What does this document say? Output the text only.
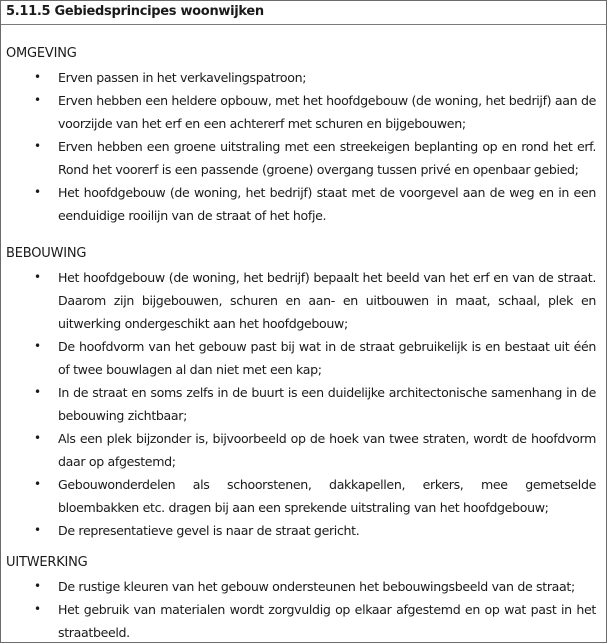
5.11.5 Gebiedsprincipes woonwijken
OMGEVING
• Erven passen in het verkavelingspatroon;
• Erven hebben een heldere opbouw, met het hoofdgebouw (de woning, het bedrijf) aan de voorzijde van het erf en een achtererf met schuren en bijgebouwen;
• Erven hebben een groene uitstraling met een streekeigen beplanting op en rond het erf. Rond het voorerf is een passende (groene) overgang tussen privé en openbaar gebied;
• Het hoofdgebouw (de woning, het bedrijf) staat met de voorgevel aan de weg en in een eenduidige rooilijn van de straat of het hofje.
BEBOUWING
• Het hoofdgebouw (de woning, het bedrijf) bepaalt het beeld van het erf en van de straat. Daarom zijn bijgebouwen, schuren en aan- en uitbouwen in maat, schaal, plek en uitwerking ondergeschikt aan het hoofdgebouw;
• De hoofdvorm van het gebouw past bij wat in de straat gebruikelijk is en bestaat uit één of twee bouwlagen al dan niet met een kap;
• In de straat en soms zelfs in de buurt is een duidelijke architectonische samenhang in de bebouwing zichtbaar;
• Als een plek bijzonder is, bijvoorbeeld op de hoek van twee straten, wordt de hoofdvorm daar op afgestemd;
• Gebouwonderdelen als schoorstenen, dakkapellen, erkers, mee gemetselde bloembakken etc. dragen bij aan een sprekende uitstraling van het hoofdgebouw;
• De representatieve gevel is naar de straat gericht.
UITWERKING
• De rustige kleuren van het gebouw ondersteunen het bebouwingsbeeld van de straat;
• Het gebruik van materialen wordt zorgvuldig op elkaar afgestemd en op wat past in het straatbeeld.
